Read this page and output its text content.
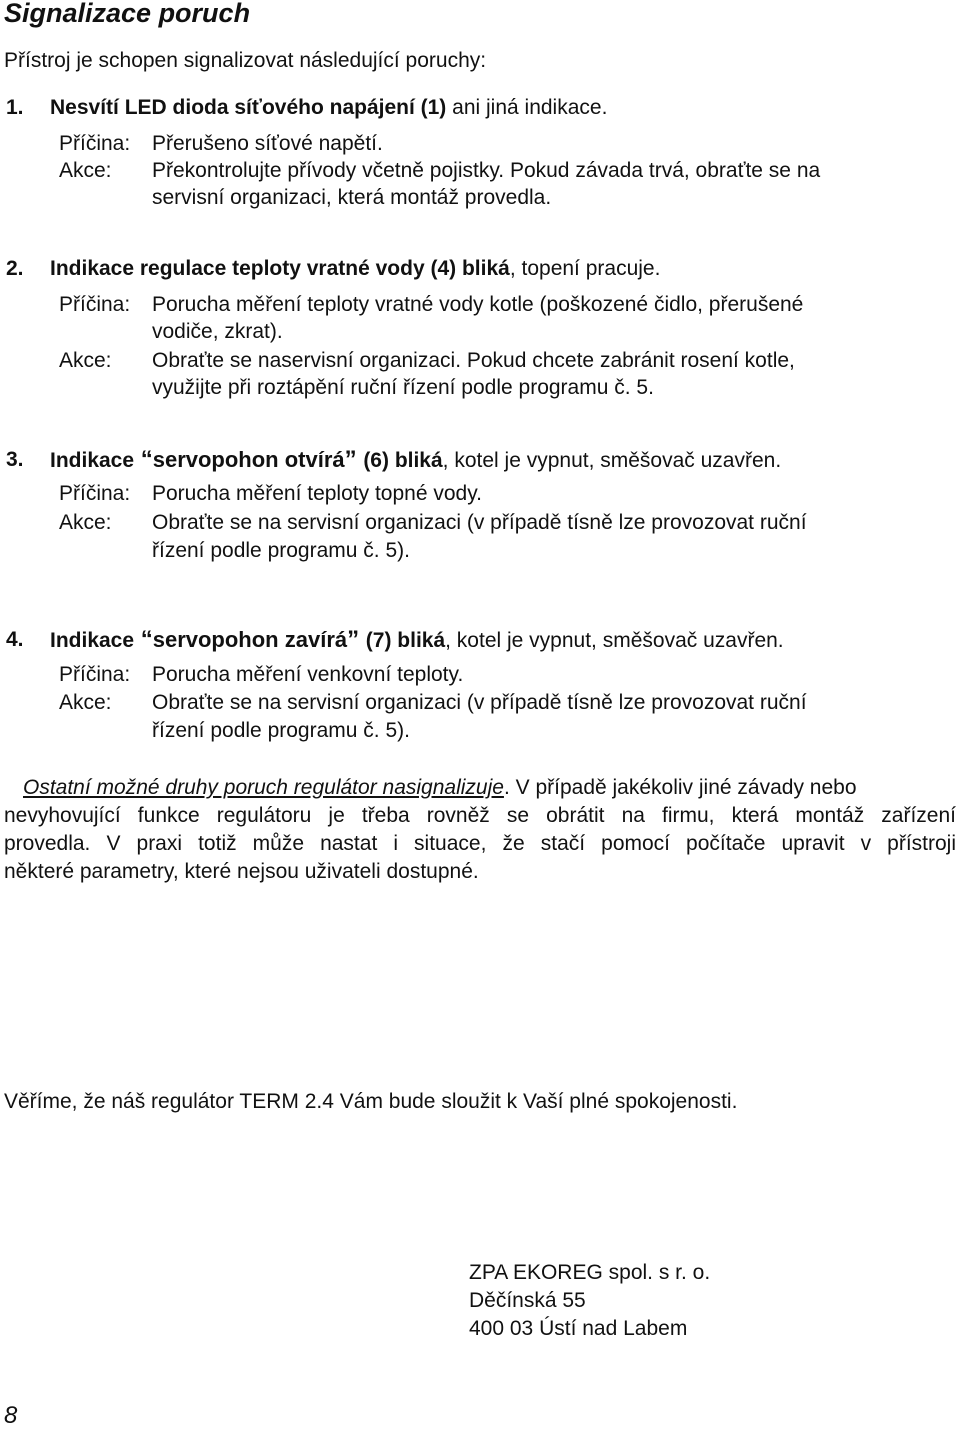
Signalizace poruch
Přístroj je schopen signalizovat následující poruchy:
1. Nesvítí LED dioda síťového napájení (1) ani jiná indikace.
Příčina: Přerušeno síťové napětí.
Akce: Překontrolujte přívody včetně pojistky. Pokud závada trvá, obraťte se na
servisní organizaci, která montáž provedla.
2. Indikace regulace teploty vratné vody (4) bliká, topení pracuje.
Příčina: Porucha měření teploty vratné vody kotle (poškozené čidlo, přerušené
vodiče, zkrat).
Akce: Obraťte se naservisní organizaci. Pokud chcete zabránit rosení kotle,
využijte při roztápění ruční řízení podle programu č. 5.
3. Indikace “servopohon otvírá” (6) bliká, kotel je vypnut, směšovač uzavřen.
Příčina: Porucha měření teploty topné vody.
Akce: Obraťte se na servisní organizaci (v případě tísně lze provozovat ruční
řízení podle programu č. 5).
4. Indikace “servopohon zavírá” (7) bliká, kotel je vypnut, směšovač uzavřen.
Příčina: Porucha měření venkovní teploty.
Akce: Obraťte se na servisní organizaci (v případě tísně lze provozovat ruční
řízení podle programu č. 5).
Ostatní možné druhy poruch regulátor nasignalizuje. V případě jakékoliv jiné závady nebo
nevyhovující funkce regulátoru je třeba rovněž se obrátit na firmu, která montáž zařízení
provedla. V praxi totiž může nastat i situace, že stačí pomocí počítače upravit v přístroji
některé parametry, které nejsou uživateli dostupné.
Věříme, že náš regulátor TERM 2.4 Vám bude sloužit k Vaší plné spokojenosti.
ZPA EKOREG spol. s r. o.
Děčínská 55
400 03 Ústí nad Labem
8
